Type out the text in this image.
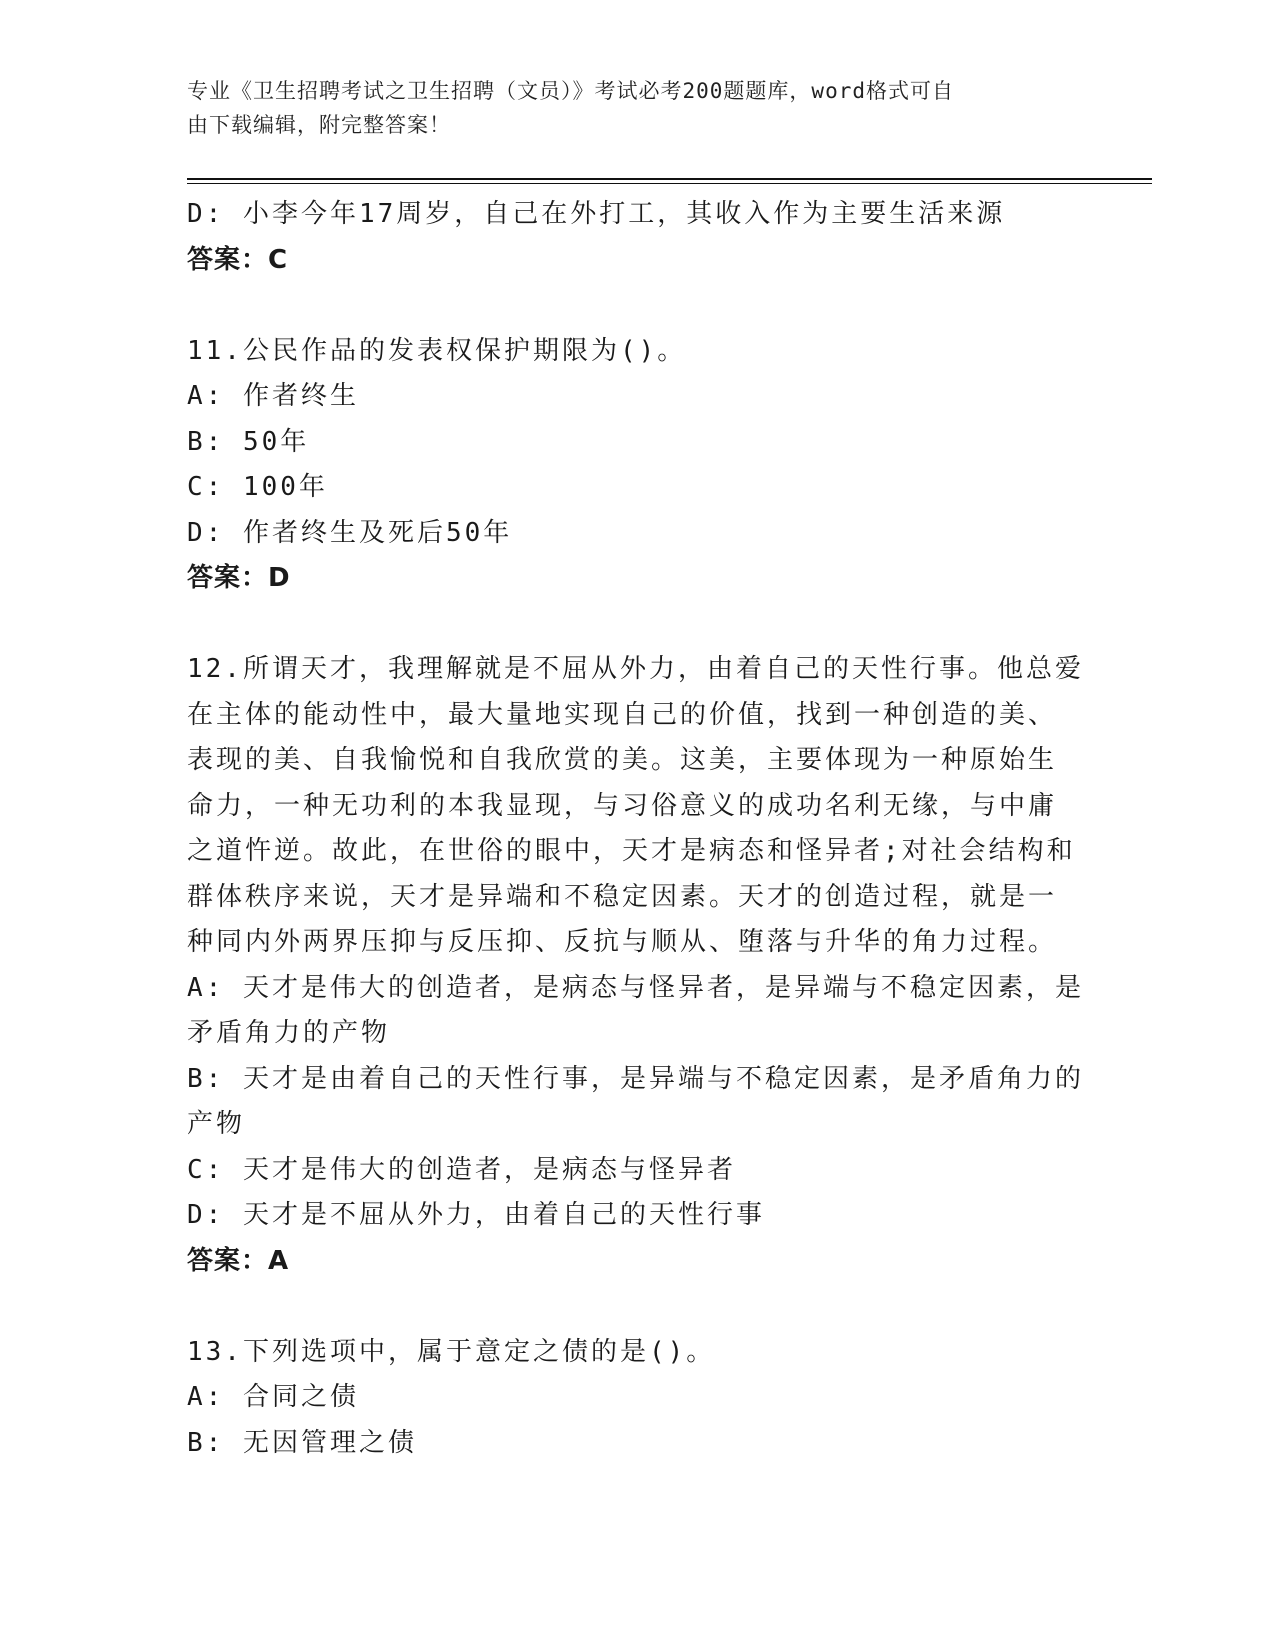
专业《卫生招聘考试之卫生招聘（文员）》考试必考200题题库，word格式可自
由下载编辑，附完整答案！
D: 小李今年17周岁，自己在外打工，其收入作为主要生活来源
答案：C
11.公民作品的发表权保护期限为()。
A: 作者终生
B: 50年
C: 100年
D: 作者终生及死后50年
答案：D
12.所谓天才，我理解就是不屈从外力，由着自己的天性行事。他总爱
在主体的能动性中，最大量地实现自己的价值，找到一种创造的美、
表现的美、自我愉悦和自我欣赏的美。这美，主要体现为一种原始生
命力，一种无功利的本我显现，与习俗意义的成功名利无缘，与中庸
之道忤逆。故此，在世俗的眼中，天才是病态和怪异者;对社会结构和
群体秩序来说，天才是异端和不稳定因素。天才的创造过程，就是一
种同内外两界压抑与反压抑、反抗与顺从、堕落与升华的角力过程。
A: 天才是伟大的创造者，是病态与怪异者，是异端与不稳定因素，是
矛盾角力的产物
B: 天才是由着自己的天性行事，是异端与不稳定因素，是矛盾角力的
产物
C: 天才是伟大的创造者，是病态与怪异者
D: 天才是不屈从外力，由着自己的天性行事
答案：A
13.下列选项中，属于意定之债的是()。
A: 合同之债
B: 无因管理之债
